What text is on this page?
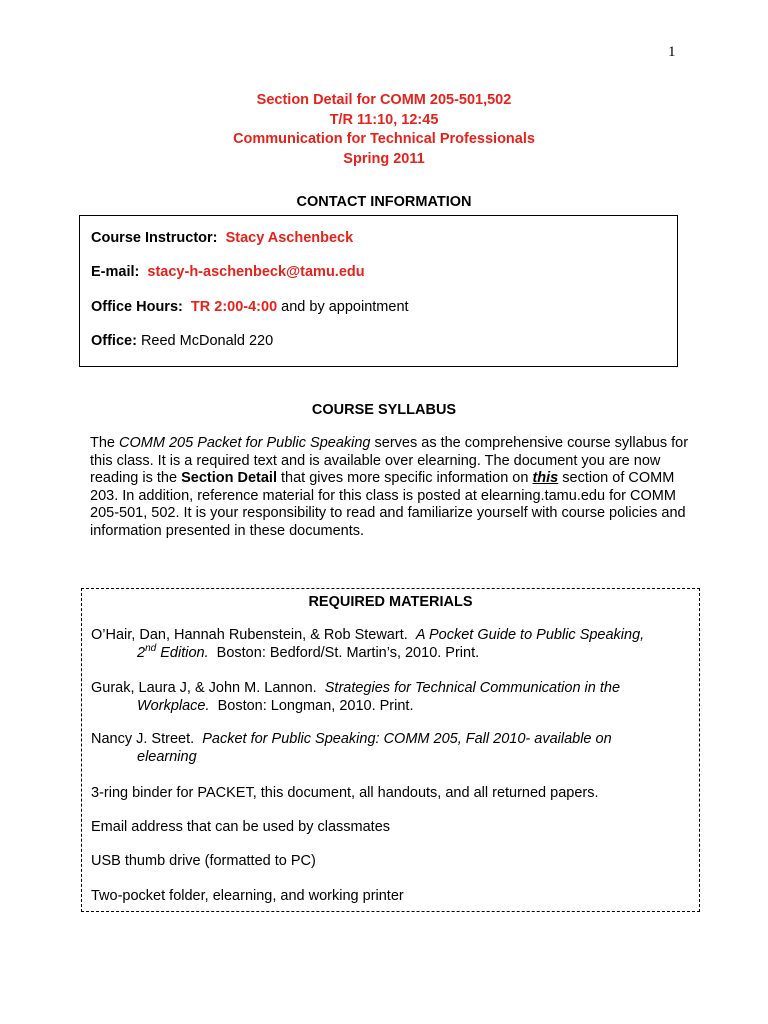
1
Section Detail for COMM 205-501,502
T/R 11:10, 12:45
Communication for Technical Professionals
Spring 2011
CONTACT INFORMATION
Course Instructor: Stacy Aschenbeck
E-mail: stacy-h-aschenbeck@tamu.edu
Office Hours: TR 2:00-4:00 and by appointment
Office: Reed McDonald 220
COURSE SYLLABUS
The COMM 205 Packet for Public Speaking serves as the comprehensive course syllabus for this class. It is a required text and is available over elearning. The document you are now reading is the Section Detail that gives more specific information on this section of COMM 203. In addition, reference material for this class is posted at elearning.tamu.edu for COMM 205-501, 502. It is your responsibility to read and familiarize yourself with course policies and information presented in these documents.
REQUIRED MATERIALS
O’Hair, Dan, Hannah Rubenstein, & Rob Stewart. A Pocket Guide to Public Speaking,
2nd Edition. Boston: Bedford/St. Martin’s, 2010. Print.
Gurak, Laura J, & John M. Lannon. Strategies for Technical Communication in the
Workplace. Boston: Longman, 2010. Print.
Nancy J. Street. Packet for Public Speaking: COMM 205, Fall 2010- available on
elearning
3-ring binder for PACKET, this document, all handouts, and all returned papers.
Email address that can be used by classmates
USB thumb drive (formatted to PC)
Two-pocket folder, elearning, and working printer
